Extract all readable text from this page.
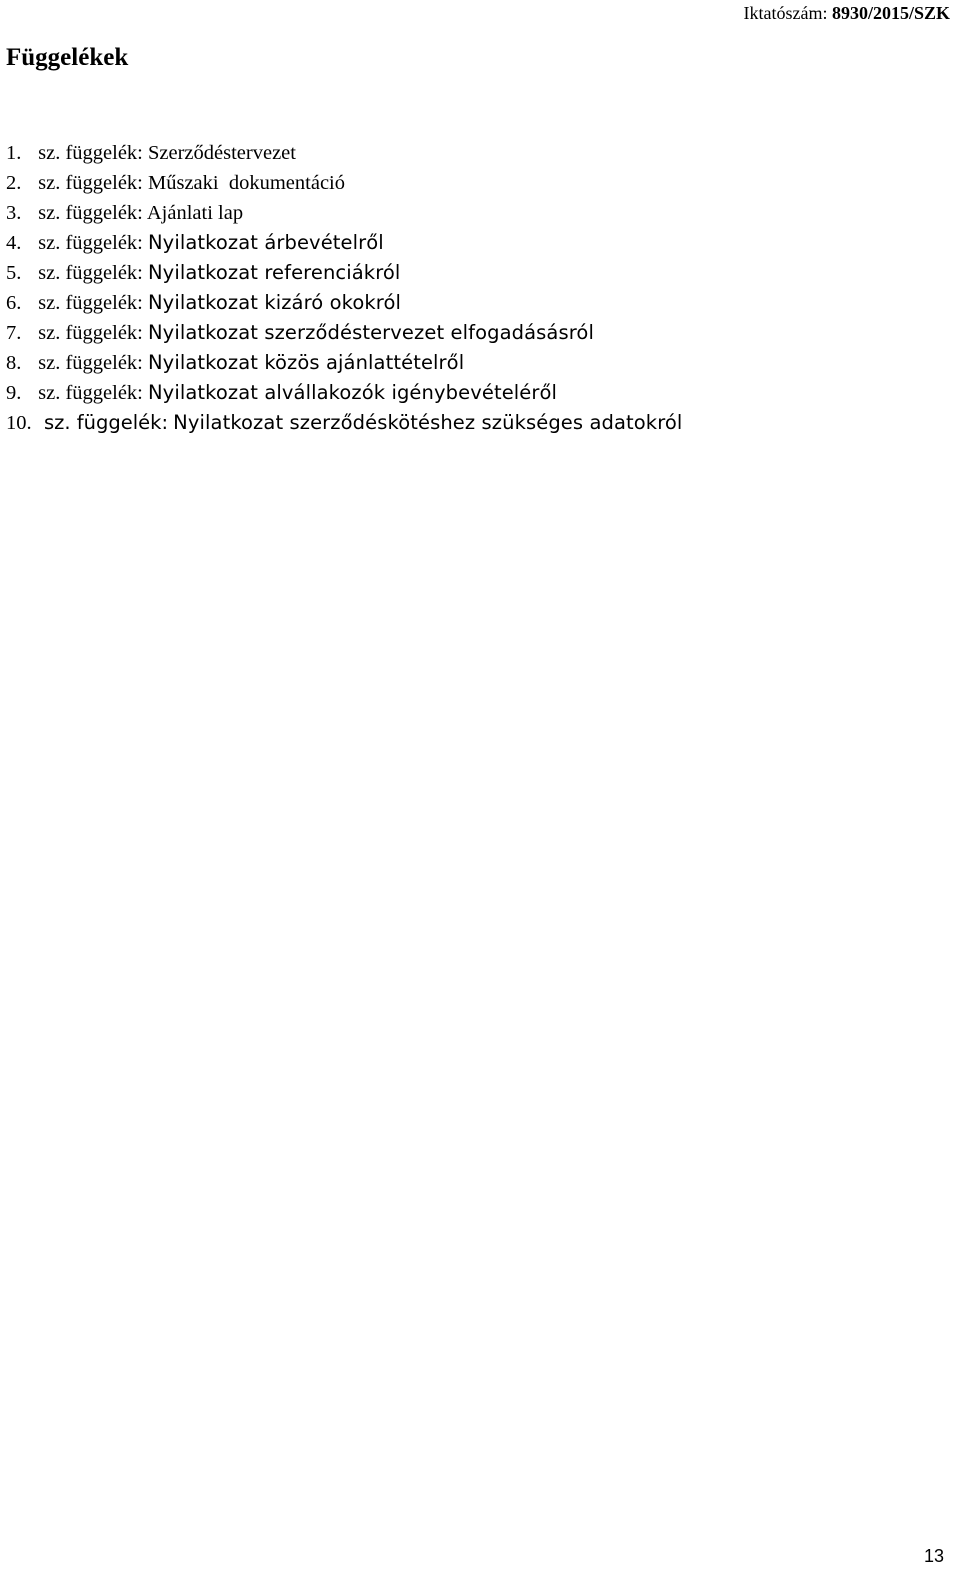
Iktatószám: 8930/2015/SZK
Függelékek
1. sz. függelék: Szerződéstervezet
2. sz. függelék: Műszaki  dokumentáció
3. sz. függelék: Ajánlati lap
4. sz. függelék: Nyilatkozat árbevételről
5. sz. függelék: Nyilatkozat referenciákról
6. sz. függelék: Nyilatkozat kizáró okokról
7. sz. függelék: Nyilatkozat szerződéstervezet elfogadásásról
8. sz. függelék: Nyilatkozat közös ajánlattételről
9. sz. függelék: Nyilatkozat alvállakozók igénybevételéről
10. sz. függelék: Nyilatkozat szerződéskötéshez szükséges adatokról
13
